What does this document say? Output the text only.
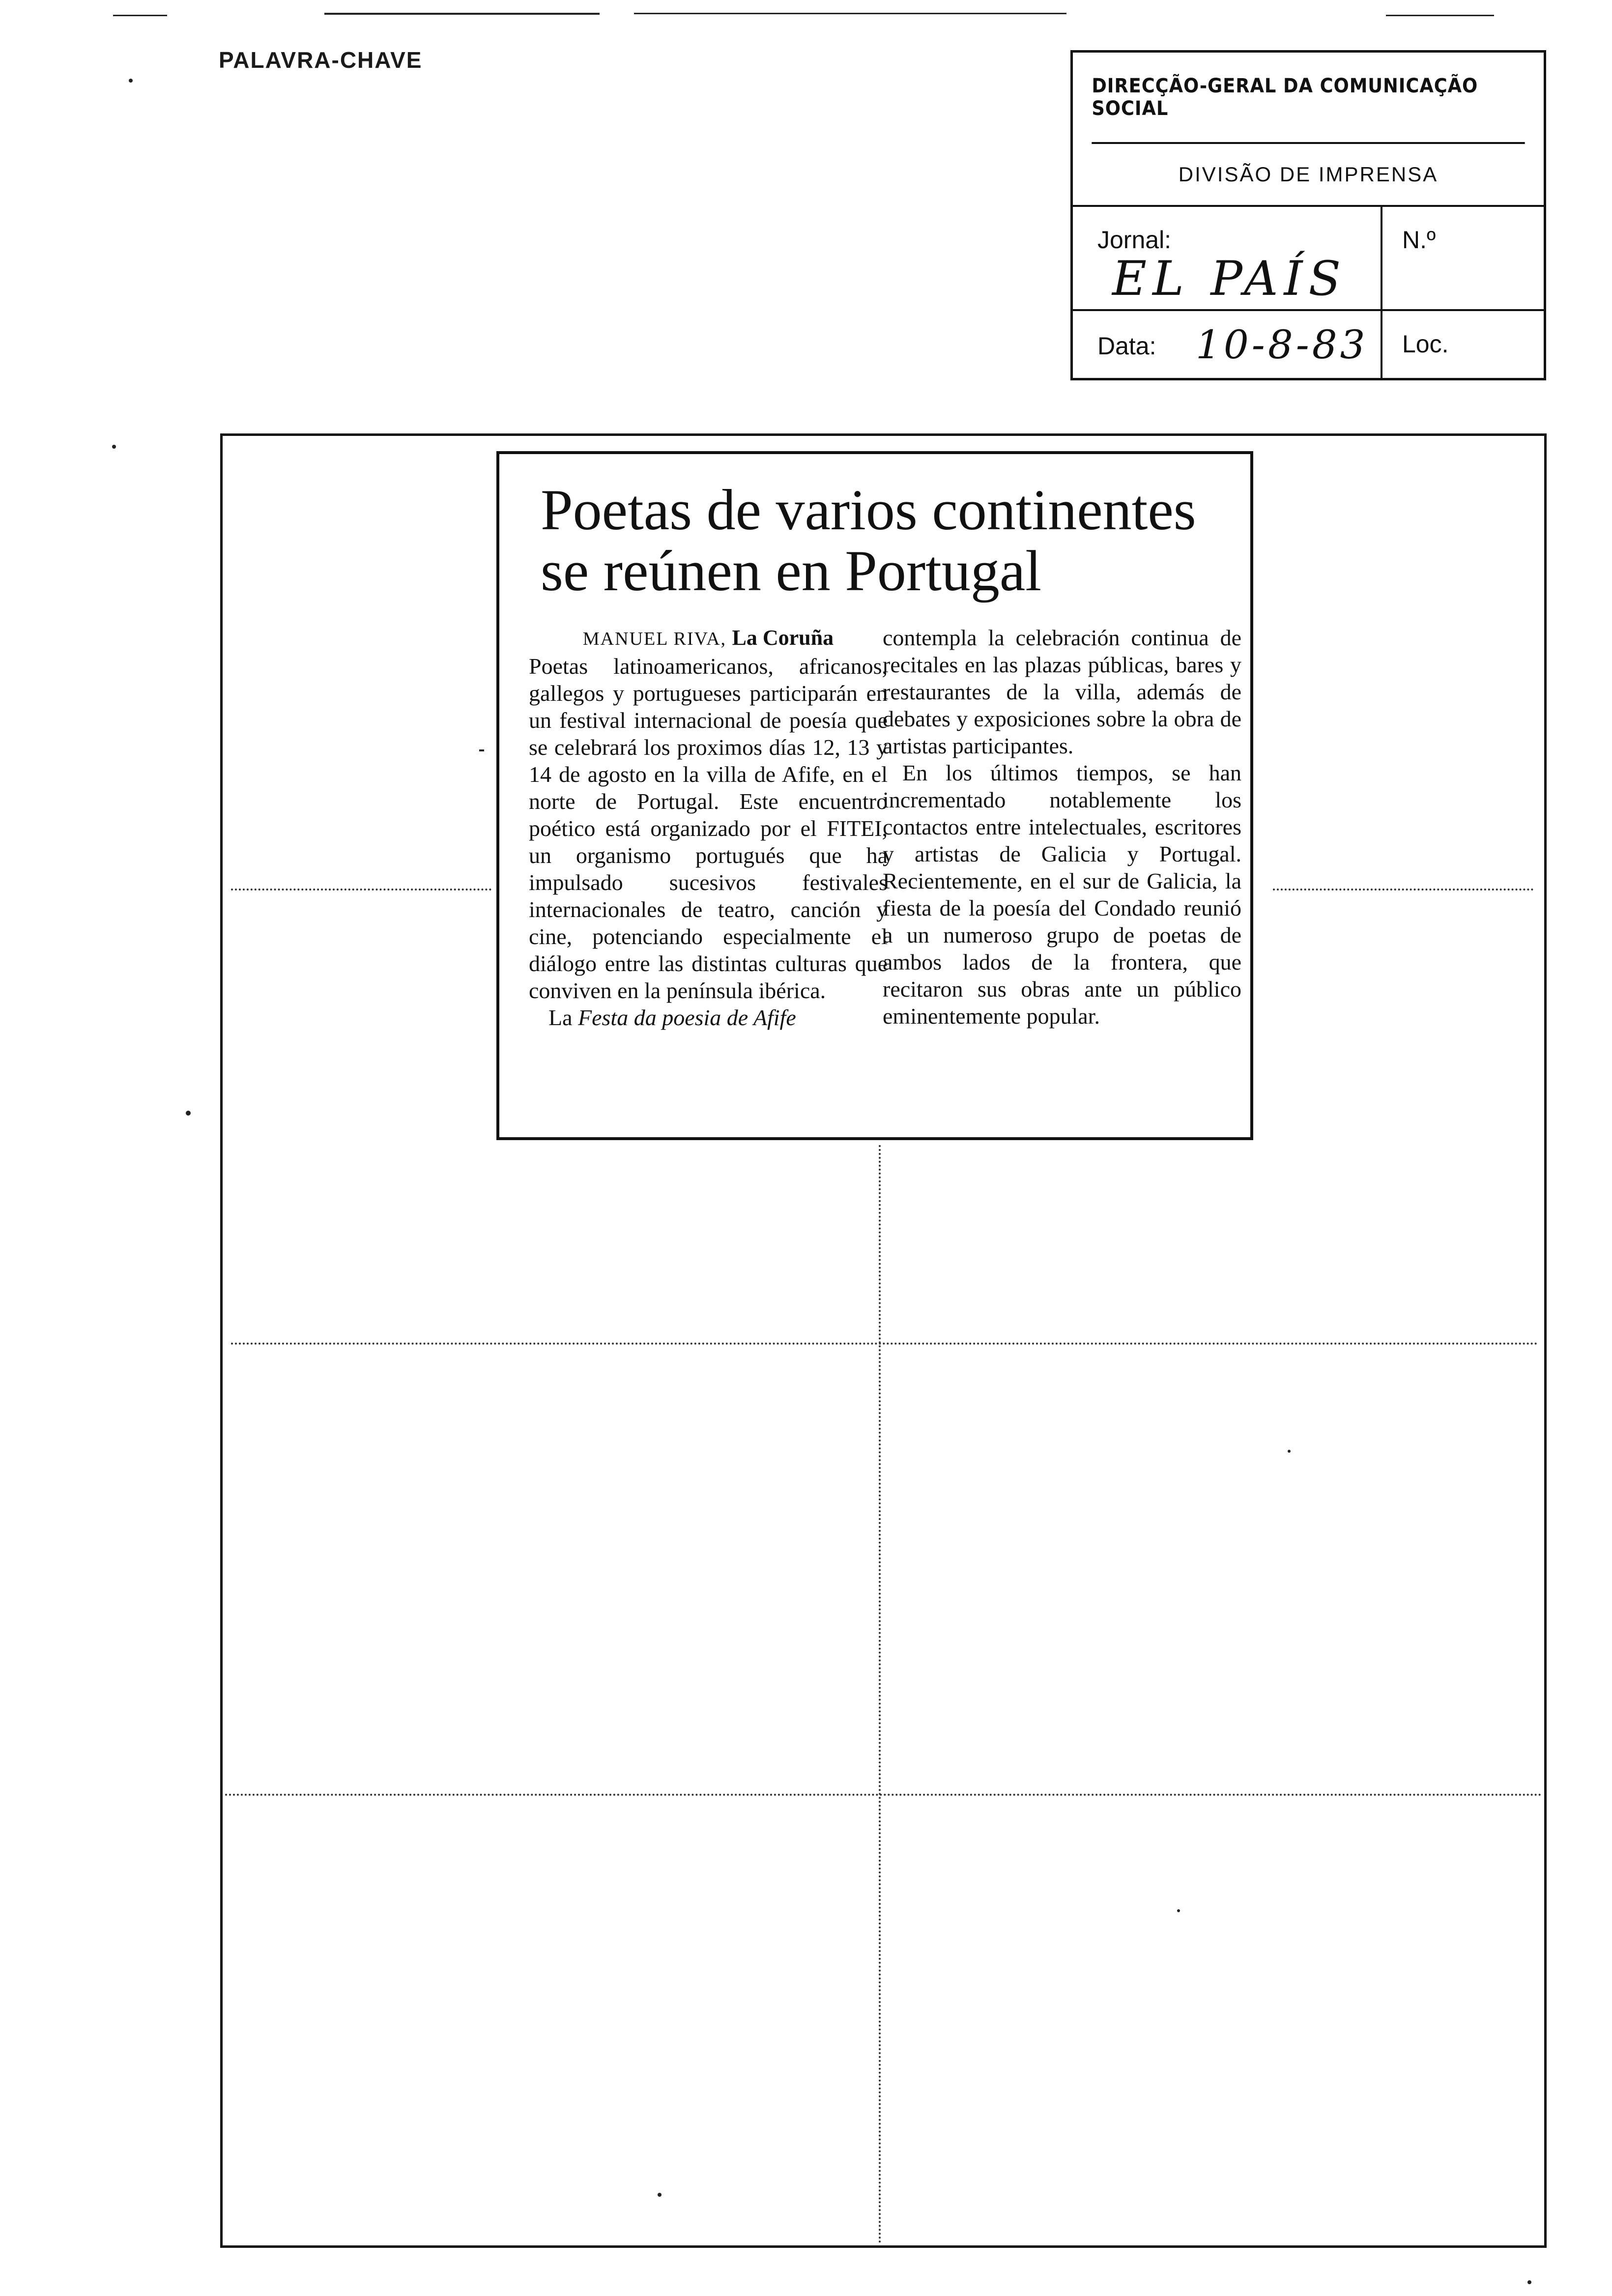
PALAVRA-CHAVE
DIRECÇÃO-GERAL DA COMUNICAÇÃO SOCIAL
DIVISÃO DE IMPRENSA
Jornal:
EL PAÍS
N.º
Data: 10-8-83 Loc.
Poetas de varios continentes
se reúnen en Portugal
MANUEL RIVA, La Coruña

Poetas latinoamericanos, africanos, gallegos y portugueses participarán en un festival internacional de poesía que se celebrará los proximos días 12, 13 y 14 de agosto en la villa de Afife, en el norte de Portugal. Este encuentro poético está organizado por el FITEI, un organismo portugués que ha impulsado sucesivos festivales internacionales de teatro, canción y cine, potenciando especialmente el diálogo entre las distintas culturas que conviven en la península ibérica.

La Festa da poesia de Afife

contempla la celebración continua de recitales en las plazas públicas, bares y restaurantes de la villa, además de debates y exposiciones sobre la obra de artistas participantes.

En los últimos tiempos, se han incrementado notablemente los contactos entre intelectuales, escritores y artistas de Galicia y Portugal. Recientemente, en el sur de Galicia, la fiesta de la poesía del Condado reunió a un numeroso grupo de poetas de ambos lados de la frontera, que recitaron sus obras ante un público eminentemente popular.
